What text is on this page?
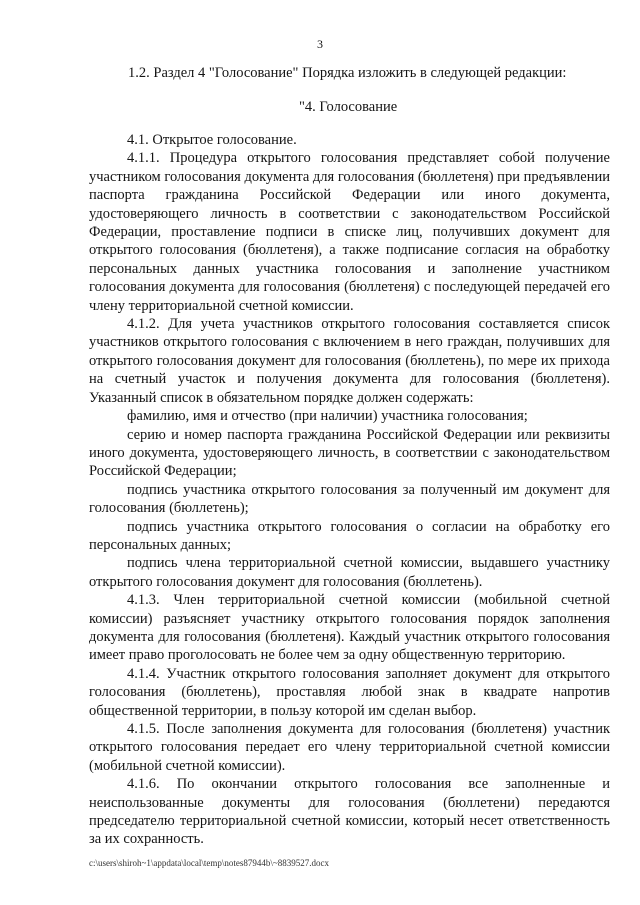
3
1.2. Раздел 4 "Голосование" Порядка изложить в следующей редакции:
"4. Голосование

4.1. Открытое голосование.

4.1.1. Процедура открытого голосования представляет собой получение участником голосования документа для голосования (бюллетеня) при предъявлении паспорта гражданина Российской Федерации или иного документа, удостоверяющего личность в соответствии с законодательством Российской Федерации, проставление подписи в списке лиц, получивших документ для открытого голосования (бюллетеня), а также подписание согласия на обработку персональных данных участника голосования и заполнение участником голосования документа для голосования (бюллетеня) с последующей передачей его члену территориальной счетной комиссии.

4.1.2. Для учета участников открытого голосования составляется список участников открытого голосования с включением в него граждан, получивших для открытого голосования документ для голосования (бюллетень), по мере их прихода на счетный участок и получения документа для голосования (бюллетеня). Указанный список в обязательном порядке должен содержать:

фамилию, имя и отчество (при наличии) участника голосования;

серию и номер паспорта гражданина Российской Федерации или реквизиты иного документа, удостоверяющего личность, в соответствии с законодательством Российской Федерации;

подпись участника открытого голосования за полученный им документ для голосования (бюллетень);

подпись участника открытого голосования о согласии на обработку его персональных данных;

подпись члена территориальной счетной комиссии, выдавшего участнику открытого голосования документ для голосования (бюллетень).

4.1.3. Член территориальной счетной комиссии (мобильной счетной комиссии) разъясняет участнику открытого голосования порядок заполнения документа для голосования (бюллетеня). Каждый участник открытого голосования имеет право проголосовать не более чем за одну общественную территорию.

4.1.4. Участник открытого голосования заполняет документ для открытого голосования (бюллетень), проставляя любой знак в квадрате напротив общественной территории, в пользу которой им сделан выбор.

4.1.5. После заполнения документа для голосования (бюллетеня) участник открытого голосования передает его члену территориальной счетной комиссии (мобильной счетной комиссии).

4.1.6. По окончании открытого голосования все заполненные и неиспользованные документы для голосования (бюллетени) передаются председателю территориальной счетной комиссии, который несет ответственность за их сохранность.

c:\users\shiroh~1\appdata\local\temp\notes87944b\~8839527.docx
